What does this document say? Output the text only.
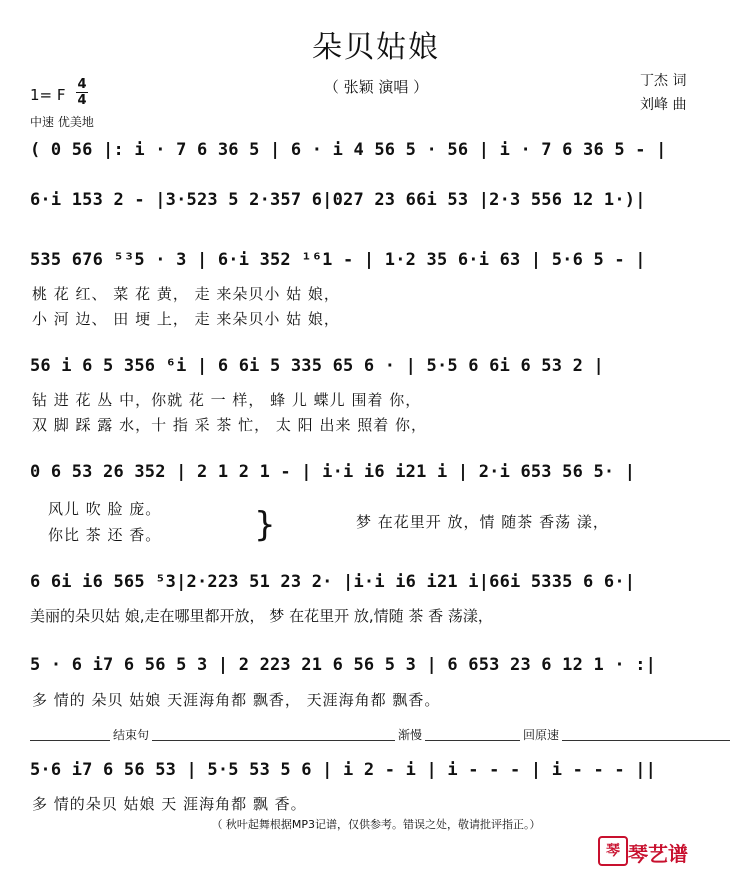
朵贝姑娘
（ 张颖 演唱 ）	丁杰 词
刘峰 曲
1= F
4
4
中速 优美地
( 0 56 |: i · 7 6 36 5 | 6 · i 4 56 5 · 56 | i · 7 6 36 5 - |
6·i 153 2 - |3·523 5 2·357 6|027 23 66i 53 |2·3 556 12 1·)|
535 676 ⁵³5 · 3 | 6·i 352 ¹⁶1 - | 1·2 35 6·i 63 | 5·6 5 - |
桃 花 红、 菜 花 黄， 走 来朵贝小 姑 娘，
小 河 边、 田 埂 上， 走 来朵贝小 姑 娘，
56 i 6 5 356 ⁶i | 6 6i 5 335 65 6 · | 5·5 6 6i 6 53 2 |
钻 进 花 丛 中，你就 花 一 样， 蜂 儿 蝶儿 围着 你，
双 脚 踩 露 水，十 指 采 茶 忙， 太 阳 出来 照着 你，
0 6 53 26 352 | 2 1 2 1 - | i·i i6 i21 i | 2·i 653 56 5· |
风儿 吹 脸 庞。
你比 茶 还 香。	}	梦 在花里开 放，情 随茶 香荡 漾，
6 6i i6 565 ⁵3|2·223 51 23 2· |i·i i6 i21 i|66i 5335 6 6·|
美丽的朵贝姑 娘,走在哪里都开放， 梦 在花里开 放,情随 茶 香 荡漾，
5 · 6 i7 6 56 5 3 | 2 223 21 6 56 5 3 | 6 653 23 6 12 1 · :|
多 情的 朵贝 姑娘 天涯海角都 飘香， 天涯海角都 飘香。
结束句	渐慢	回原速
5·6 i7 6 56 53 | 5·5 53 5 6 | i 2 - i | i - - - | i - - - ||
多 情的朵贝 姑娘 天 涯海角都 飘 香。
（ 秋叶起舞根据MP3记谱，仅供参考。错误之处，敬请批评指正。）
琴 琴艺谱
